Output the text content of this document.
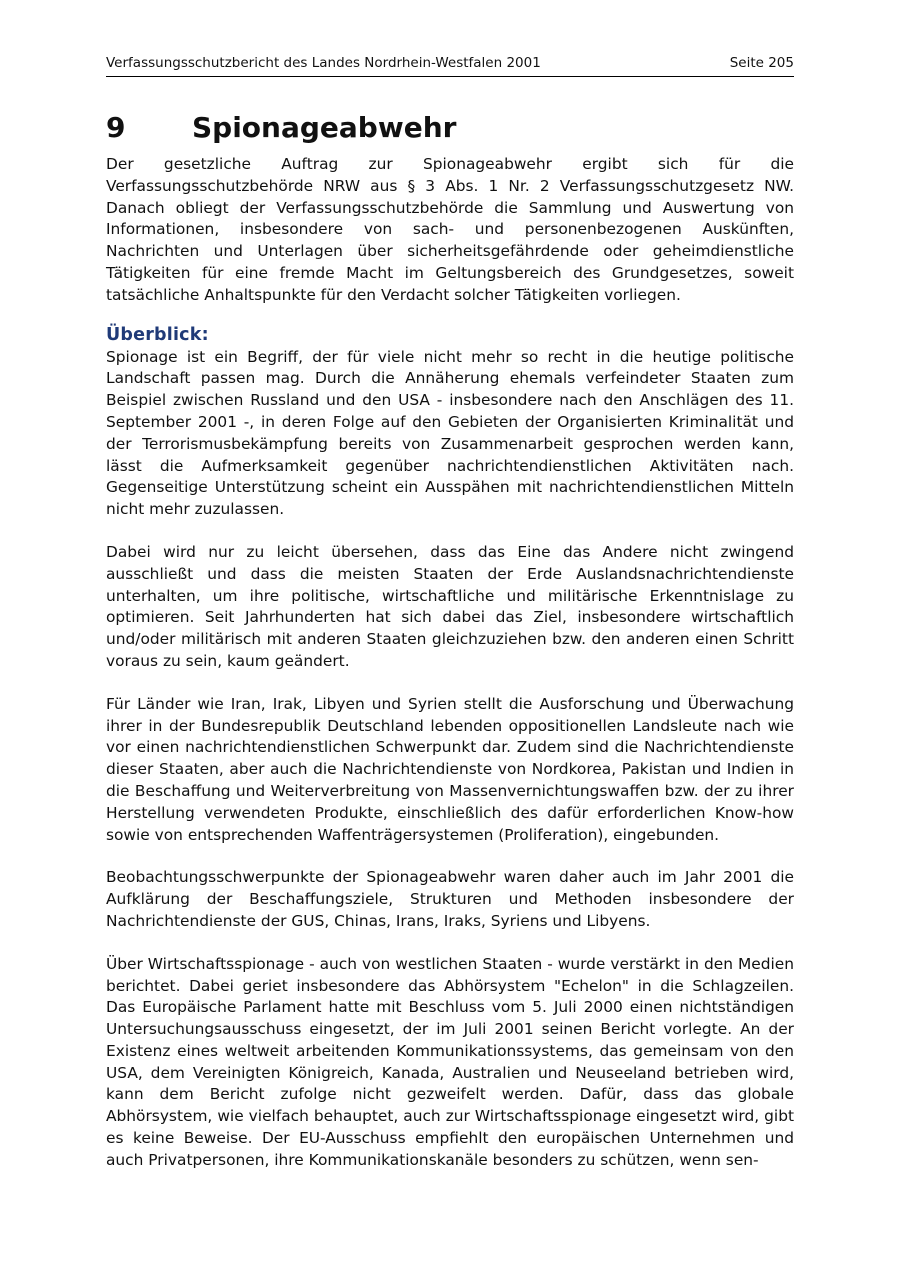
Verfassungsschutzbericht des Landes Nordrhein-Westfalen 2001	Seite 205
9 Spionageabwehr

Der gesetzliche Auftrag zur Spionageabwehr ergibt sich für die Verfassungsschutzbehörde NRW aus § 3 Abs. 1 Nr. 2 Verfassungsschutzgesetz NW. Danach obliegt der Verfassungsschutzbehörde die Sammlung und Auswertung von Informationen, insbesondere von sach- und personenbezogenen Auskünften, Nachrichten und Unterlagen über sicherheitsgefährdende oder geheimdienstliche Tätigkeiten für eine fremde Macht im Geltungsbereich des Grundgesetzes, soweit tatsächliche Anhaltspunkte für den Verdacht solcher Tätigkeiten vorliegen.

Überblick:

Spionage ist ein Begriff, der für viele nicht mehr so recht in die heutige politische Landschaft passen mag. Durch die Annäherung ehemals verfeindeter Staaten zum Beispiel zwischen Russland und den USA - insbesondere nach den Anschlägen des 11. September 2001 -, in deren Folge auf den Gebieten der Organisierten Kriminalität und der Terrorismusbekämpfung bereits von Zusammenarbeit gesprochen werden kann, lässt die Aufmerksamkeit gegenüber nachrichtendienstlichen Aktivitäten nach. Gegenseitige Unterstützung scheint ein Ausspähen mit nachrichtendienstlichen Mitteln nicht mehr zuzulassen.

Dabei wird nur zu leicht übersehen, dass das Eine das Andere nicht zwingend ausschließt und dass die meisten Staaten der Erde Auslandsnachrichtendienste unterhalten, um ihre politische, wirtschaftliche und militärische Erkenntnislage zu optimieren. Seit Jahrhunderten hat sich dabei das Ziel, insbesondere wirtschaftlich und/oder militärisch mit anderen Staaten gleichzuziehen bzw. den anderen einen Schritt voraus zu sein, kaum geändert.

Für Länder wie Iran, Irak, Libyen und Syrien stellt die Ausforschung und Überwachung ihrer in der Bundesrepublik Deutschland lebenden oppositionellen Landsleute nach wie vor einen nachrichtendienstlichen Schwerpunkt dar. Zudem sind die Nachrichtendienste dieser Staaten, aber auch die Nachrichtendienste von Nordkorea, Pakistan und Indien in die Beschaffung und Weiterverbreitung von Massenvernichtungswaffen bzw. der zu ihrer Herstellung verwendeten Produkte, einschließlich des dafür erforderlichen Know-how sowie von entsprechenden Waffenträgersystemen (Proliferation), eingebunden.

Beobachtungsschwerpunkte der Spionageabwehr waren daher auch im Jahr 2001 die Aufklärung der Beschaffungsziele, Strukturen und Methoden insbesondere der Nachrichtendienste der GUS, Chinas, Irans, Iraks, Syriens und Libyens.

Über Wirtschaftsspionage - auch von westlichen Staaten - wurde verstärkt in den Medien berichtet. Dabei geriet insbesondere das Abhörsystem "Echelon" in die Schlagzeilen. Das Europäische Parlament hatte mit Beschluss vom 5. Juli 2000 einen nichtständigen Untersuchungsausschuss eingesetzt, der im Juli 2001 seinen Bericht vorlegte. An der Existenz eines weltweit arbeitenden Kommunikationssystems, das gemeinsam von den USA, dem Vereinigten Königreich, Kanada, Australien und Neuseeland betrieben wird, kann dem Bericht zufolge nicht gezweifelt werden. Dafür, dass das globale Abhörsystem, wie vielfach behauptet, auch zur Wirtschaftsspionage eingesetzt wird, gibt es keine Beweise. Der EU-Ausschuss empfiehlt den europäischen Unternehmen und auch Privatpersonen, ihre Kommunikationskanäle besonders zu schützen, wenn sen-
